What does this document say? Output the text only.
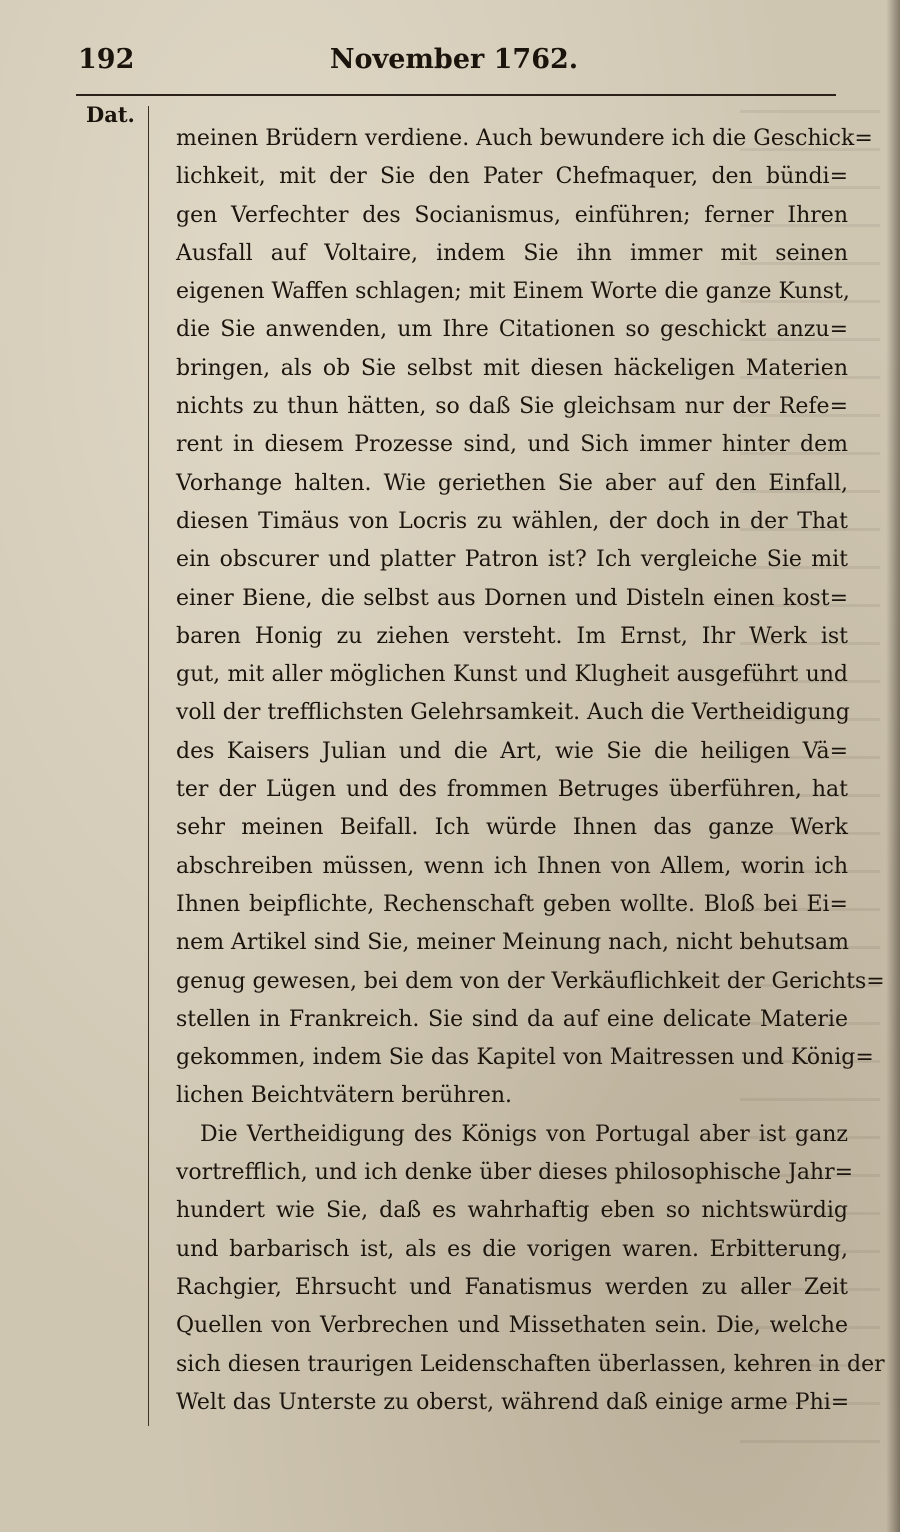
192	November 1762.
Dat.
meinen Brüdern verdiene. Auch bewundere ich die Geschick=
lichkeit, mit der Sie den Pater Chefmaquer, den bündi=
gen Verfechter des Socianismus, einführen; ferner Ihren
Ausfall auf Voltaire, indem Sie ihn immer mit seinen
eigenen Waffen schlagen; mit Einem Worte die ganze Kunst,
die Sie anwenden, um Ihre Citationen so geschickt anzu=
bringen, als ob Sie selbst mit diesen häckeligen Materien
nichts zu thun hätten, so daß Sie gleichsam nur der Refe=
rent in diesem Prozesse sind, und Sich immer hinter dem
Vorhange halten. Wie geriethen Sie aber auf den Einfall,
diesen Timäus von Locris zu wählen, der doch in der That
ein obscurer und platter Patron ist? Ich vergleiche Sie mit
einer Biene, die selbst aus Dornen und Disteln einen kost=
baren Honig zu ziehen versteht. Im Ernst, Ihr Werk ist
gut, mit aller möglichen Kunst und Klugheit ausgeführt und
voll der trefflichsten Gelehrsamkeit. Auch die Vertheidigung
des Kaisers Julian und die Art, wie Sie die heiligen Vä=
ter der Lügen und des frommen Betruges überführen, hat
sehr meinen Beifall. Ich würde Ihnen das ganze Werk
abschreiben müssen, wenn ich Ihnen von Allem, worin ich
Ihnen beipflichte, Rechenschaft geben wollte. Bloß bei Ei=
nem Artikel sind Sie, meiner Meinung nach, nicht behutsam
genug gewesen, bei dem von der Verkäuflichkeit der Gerichts=
stellen in Frankreich. Sie sind da auf eine delicate Materie
gekommen, indem Sie das Kapitel von Maitressen und König=
lichen Beichtvätern berühren.
Die Vertheidigung des Königs von Portugal aber ist ganz
vortrefflich, und ich denke über dieses philosophische Jahr=
hundert wie Sie, daß es wahrhaftig eben so nichtswürdig
und barbarisch ist, als es die vorigen waren. Erbitterung,
Rachgier, Ehrsucht und Fanatismus werden zu aller Zeit
Quellen von Verbrechen und Missethaten sein. Die, welche
sich diesen traurigen Leidenschaften überlassen, kehren in der
Welt das Unterste zu oberst, während daß einige arme Phi=
